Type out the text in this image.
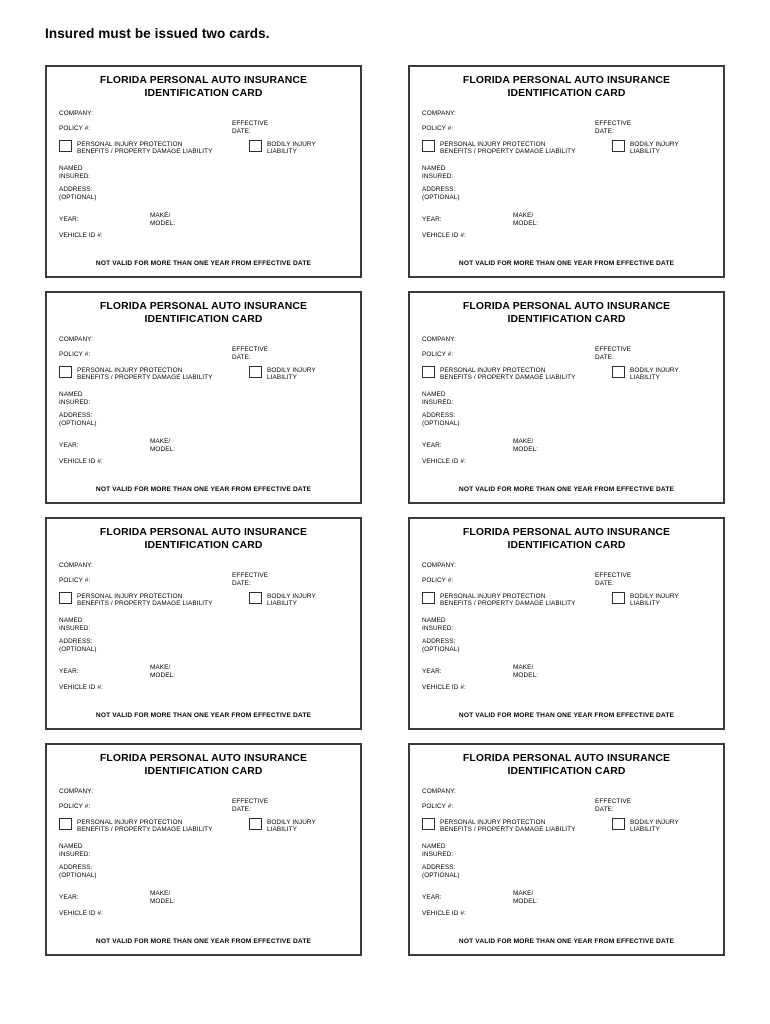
Insured must be issued two cards.
FLORIDA PERSONAL AUTO INSURANCE
IDENTIFICATION CARD
COMPANY:
POLICY #:
EFFECTIVE
DATE:
PERSONAL INJURY PROTECTION
BENEFITS / PROPERTY DAMAGE LIABILITY
BODILY INJURY
LIABILITY
NAMED
INSURED:
ADDRESS:
(OPTIONAL)
YEAR:
MAKE/
MODEL:
VEHICLE ID #:
NOT VALID FOR MORE THAN ONE YEAR FROM EFFECTIVE DATE
FLORIDA PERSONAL AUTO INSURANCE
IDENTIFICATION CARD
COMPANY:
POLICY #:
EFFECTIVE
DATE:
PERSONAL INJURY PROTECTION
BENEFITS / PROPERTY DAMAGE LIABILITY
BODILY INJURY
LIABILITY
NAMED
INSURED:
ADDRESS:
(OPTIONAL)
YEAR:
MAKE/
MODEL:
VEHICLE ID #:
NOT VALID FOR MORE THAN ONE YEAR FROM EFFECTIVE DATE
FLORIDA PERSONAL AUTO INSURANCE
IDENTIFICATION CARD
COMPANY:
POLICY #:
EFFECTIVE
DATE:
PERSONAL INJURY PROTECTION
BENEFITS / PROPERTY DAMAGE LIABILITY
BODILY INJURY
LIABILITY
NAMED
INSURED:
ADDRESS:
(OPTIONAL)
YEAR:
MAKE/
MODEL:
VEHICLE ID #:
NOT VALID FOR MORE THAN ONE YEAR FROM EFFECTIVE DATE
FLORIDA PERSONAL AUTO INSURANCE
IDENTIFICATION CARD
COMPANY:
POLICY #:
EFFECTIVE
DATE:
PERSONAL INJURY PROTECTION
BENEFITS / PROPERTY DAMAGE LIABILITY
BODILY INJURY
LIABILITY
NAMED
INSURED:
ADDRESS:
(OPTIONAL)
YEAR:
MAKE/
MODEL:
VEHICLE ID #:
NOT VALID FOR MORE THAN ONE YEAR FROM EFFECTIVE DATE
FLORIDA PERSONAL AUTO INSURANCE
IDENTIFICATION CARD
COMPANY:
POLICY #:
EFFECTIVE
DATE:
PERSONAL INJURY PROTECTION
BENEFITS / PROPERTY DAMAGE LIABILITY
BODILY INJURY
LIABILITY
NAMED
INSURED:
ADDRESS:
(OPTIONAL)
YEAR:
MAKE/
MODEL:
VEHICLE ID #:
NOT VALID FOR MORE THAN ONE YEAR FROM EFFECTIVE DATE
FLORIDA PERSONAL AUTO INSURANCE
IDENTIFICATION CARD
COMPANY:
POLICY #:
EFFECTIVE
DATE:
PERSONAL INJURY PROTECTION
BENEFITS / PROPERTY DAMAGE LIABILITY
BODILY INJURY
LIABILITY
NAMED
INSURED:
ADDRESS:
(OPTIONAL)
YEAR:
MAKE/
MODEL:
VEHICLE ID #:
NOT VALID FOR MORE THAN ONE YEAR FROM EFFECTIVE DATE
FLORIDA PERSONAL AUTO INSURANCE
IDENTIFICATION CARD
COMPANY:
POLICY #:
EFFECTIVE
DATE:
PERSONAL INJURY PROTECTION
BENEFITS / PROPERTY DAMAGE LIABILITY
BODILY INJURY
LIABILITY
NAMED
INSURED:
ADDRESS:
(OPTIONAL)
YEAR:
MAKE/
MODEL:
VEHICLE ID #:
NOT VALID FOR MORE THAN ONE YEAR FROM EFFECTIVE DATE
FLORIDA PERSONAL AUTO INSURANCE
IDENTIFICATION CARD
COMPANY:
POLICY #:
EFFECTIVE
DATE:
PERSONAL INJURY PROTECTION
BENEFITS / PROPERTY DAMAGE LIABILITY
BODILY INJURY
LIABILITY
NAMED
INSURED:
ADDRESS:
(OPTIONAL)
YEAR:
MAKE/
MODEL:
VEHICLE ID #:
NOT VALID FOR MORE THAN ONE YEAR FROM EFFECTIVE DATE
